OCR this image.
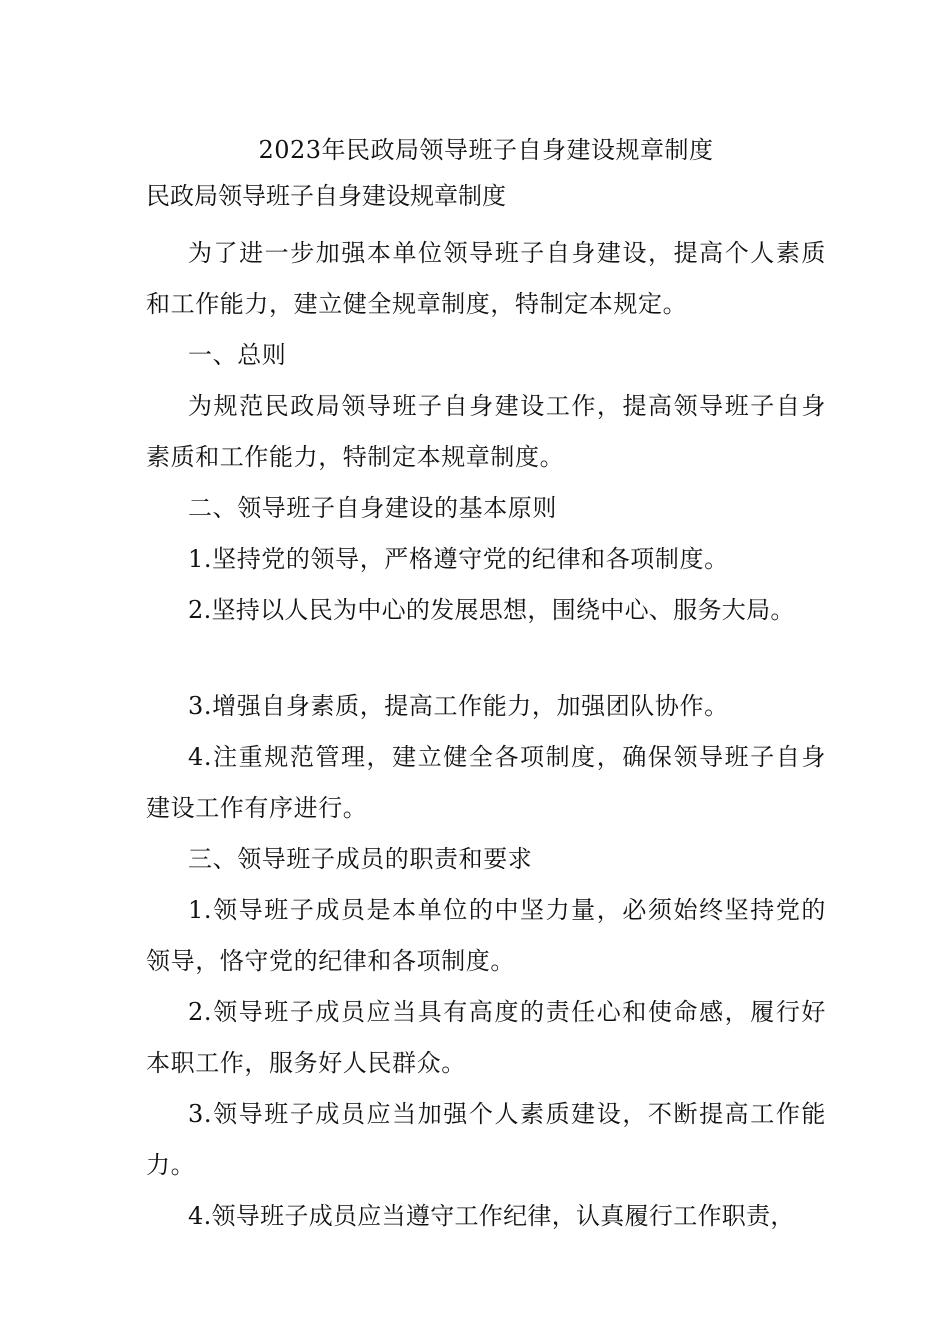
2023年民政局领导班子自身建设规章制度

民政局领导班子自身建设规章制度

为了进一步加强本单位领导班子自身建设，提高个人素质和工作能力，建立健全规章制度，特制定本规定。

一、总则

为规范民政局领导班子自身建设工作，提高领导班子自身素质和工作能力，特制定本规章制度。

二、领导班子自身建设的基本原则

1.坚持党的领导，严格遵守党的纪律和各项制度。

2.坚持以人民为中心的发展思想，围绕中心、服务大局。

3.增强自身素质，提高工作能力，加强团队协作。

4.注重规范管理，建立健全各项制度，确保领导班子自身建设工作有序进行。

三、领导班子成员的职责和要求

1.领导班子成员是本单位的中坚力量，必须始终坚持党的领导，恪守党的纪律和各项制度。

2.领导班子成员应当具有高度的责任心和使命感，履行好本职工作，服务好人民群众。

3.领导班子成员应当加强个人素质建设，不断提高工作能力。

4.领导班子成员应当遵守工作纪律，认真履行工作职责，
